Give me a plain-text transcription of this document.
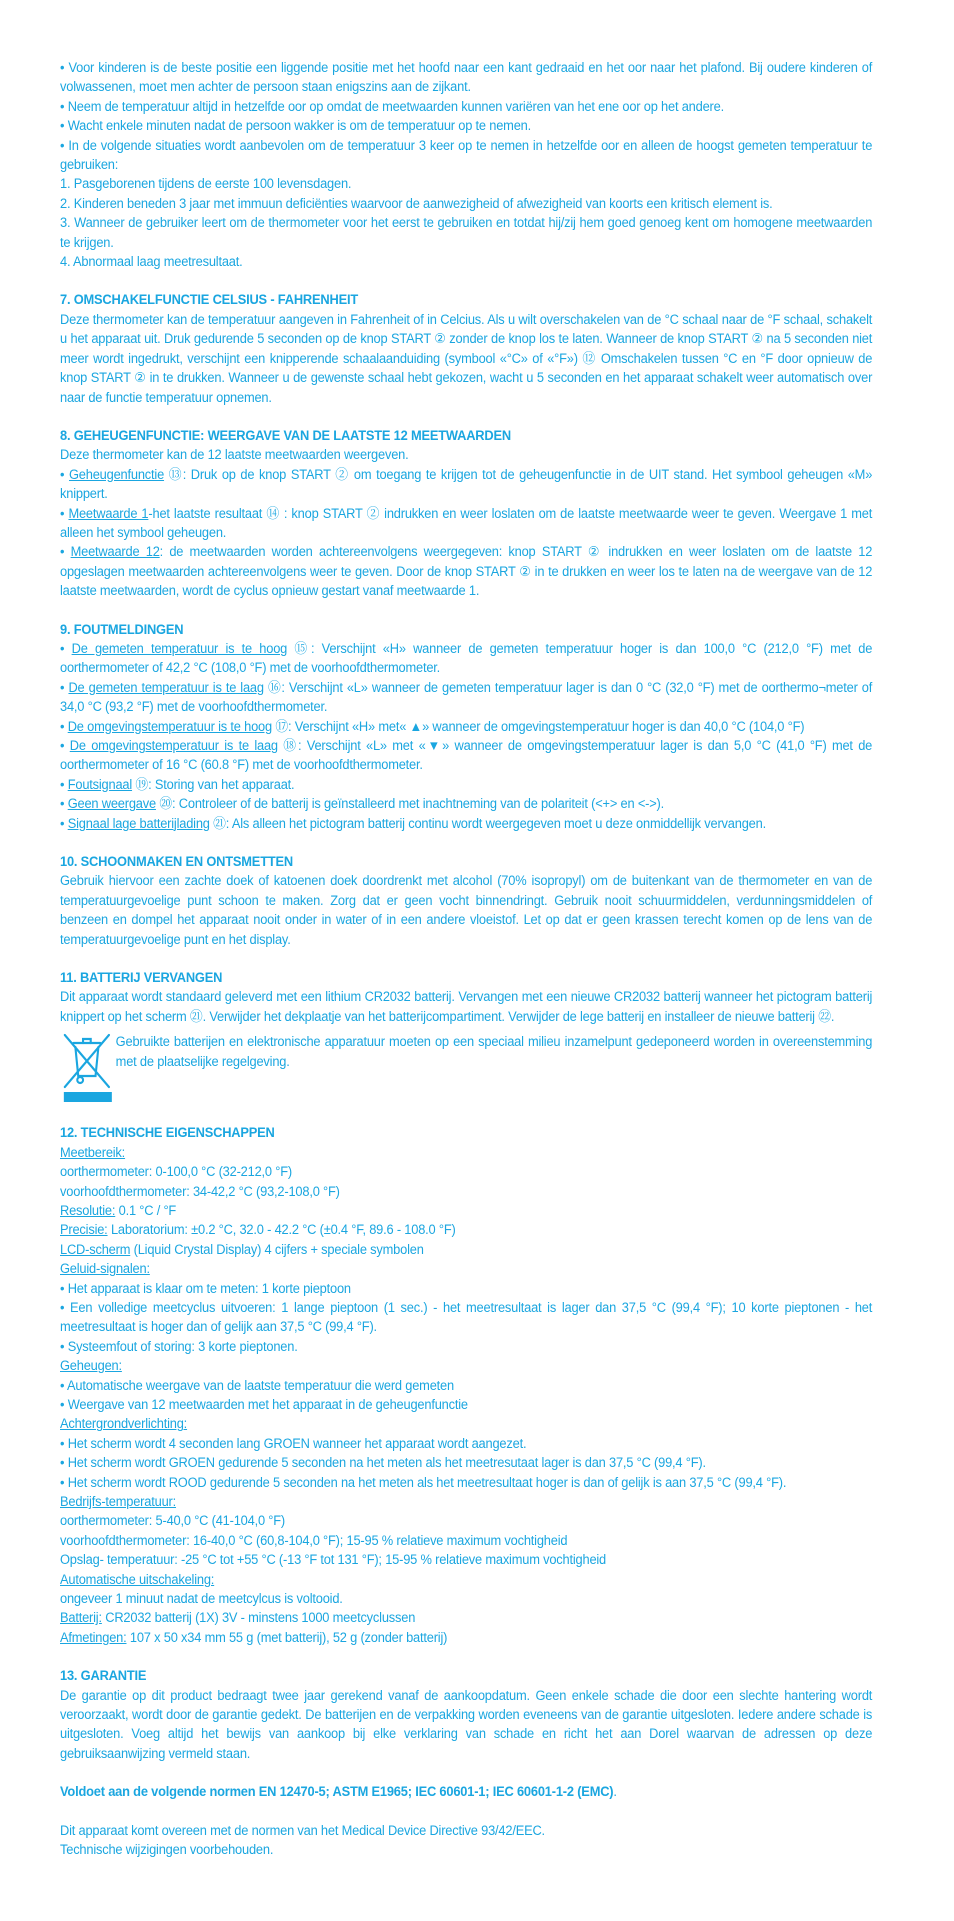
• Voor kinderen is de beste positie een liggende positie met het hoofd naar een kant gedraaid en het oor naar het plafond. Bij oudere kinderen of volwassenen, moet men achter de persoon staan enigszins aan de zijkant.

• Neem de temperatuur altijd in hetzelfde oor op omdat de meetwaarden kunnen variëren van het ene oor op het andere.

• Wacht enkele minuten nadat de persoon wakker is om de temperatuur op te nemen.

• In de volgende situaties wordt aanbevolen om de temperatuur 3 keer op te nemen in hetzelfde oor en alleen de hoogst gemeten temperatuur te gebruiken:

1. Pasgeborenen tijdens de eerste 100 levensdagen.

2. Kinderen beneden 3 jaar met immuun deficiënties waarvoor de aanwezigheid of afwezigheid van koorts een kritisch element is.

3. Wanneer de gebruiker leert om de thermometer voor het eerst te gebruiken en totdat hij/zij hem goed genoeg kent om homogene meetwaarden te krijgen.

4. Abnormaal laag meetresultaat.

7. OMSCHAKELFUNCTIE CELSIUS - FAHRENHEIT

Deze thermometer kan de temperatuur aangeven in Fahrenheit of in Celcius. Als u wilt overschakelen van de °C schaal naar de °F schaal, schakelt u het apparaat uit. Druk gedurende 5 seconden op de knop START ② zonder de knop los te laten. Wanneer de knop START ② na 5 seconden niet meer wordt ingedrukt, verschijnt een knipperende schaalaanduiding (symbool «°C» of «°F») ⑫ Omschakelen tussen °C en °F door opnieuw de knop START ② in te drukken. Wanneer u de gewenste schaal hebt gekozen, wacht u 5 seconden en het apparaat schakelt weer automatisch over naar de functie temperatuur opnemen.

8. GEHEUGENFUNCTIE: WEERGAVE VAN DE LAATSTE 12 MEETWAARDEN

Deze thermometer kan de 12 laatste meetwaarden weergeven.

• Geheugenfunctie ⑬: Druk op de knop START ② om toegang te krijgen tot de geheugenfunctie in de UIT stand. Het symbool geheugen «M» knippert.

• Meetwaarde 1-het laatste resultaat ⑭ : knop START ② indrukken en weer loslaten om de laatste meetwaarde weer te geven. Weergave 1 met alleen het symbool geheugen.

• Meetwaarde 12: de meetwaarden worden achtereenvolgens weergegeven: knop START ② indrukken en weer loslaten om de laatste 12 opgeslagen meetwaarden achtereenvolgens weer te geven. Door de knop START ② in te drukken en weer los te laten na de weergave van de 12 laatste meetwaarden, wordt de cyclus opnieuw gestart vanaf meetwaarde 1.

9. FOUTMELDINGEN

• De gemeten temperatuur is te hoog ⑮: Verschijnt «H» wanneer de gemeten temperatuur hoger is dan 100,0 °C (212,0 °F) met de oorthermometer of 42,2 °C (108,0 °F) met de voorhoofdthermometer.

• De gemeten temperatuur is te laag ⑯: Verschijnt «L» wanneer de gemeten temperatuur lager is dan 0 °C (32,0 °F) met de oorthermo¬meter of 34,0 °C (93,2 °F) met de voorhoofdthermometer.

• De omgevingstemperatuur is te hoog ⑰: Verschijnt «H» met« ▲» wanneer de omgevingstemperatuur hoger is dan 40,0 °C (104,0 °F)

• De omgevingstemperatuur is te laag ⑱: Verschijnt «L» met «▼» wanneer de omgevingstemperatuur lager is dan 5,0 °C (41,0 °F) met de oorthermometer of 16 °C (60.8 °F) met de voorhoofdthermometer.

• Foutsignaal ⑲: Storing van het apparaat.

• Geen weergave ⑳: Controleer of de batterij is geïnstalleerd met inachtneming van de polariteit (<+> en <->).

• Signaal lage batterijlading ㉑: Als alleen het pictogram batterij continu wordt weergegeven moet u deze onmiddellijk vervangen.

10. SCHOONMAKEN EN ONTSMETTEN

Gebruik hiervoor een zachte doek of katoenen doek doordrenkt met alcohol (70% isopropyl) om de buitenkant van de thermometer en van de temperatuurgevoelige punt schoon te maken. Zorg dat er geen vocht binnendringt. Gebruik nooit schuurmiddelen, verdunningsmiddelen of benzeen en dompel het apparaat nooit onder in water of in een andere vloeistof. Let op dat er geen krassen terecht komen op de lens van de temperatuurgevoelige punt en het display.

11. BATTERIJ VERVANGEN

Dit apparaat wordt standaard geleverd met een lithium CR2032 batterij. Vervangen met een nieuwe CR2032 batterij wanneer het pictogram batterij knippert op het scherm ㉑. Verwijder het dekplaatje van het batterijcompartiment. Verwijder de lege batterij en installeer de nieuwe batterij ㉒.

Gebruikte batterijen en elektronische apparatuur moeten op een speciaal milieu inzamelpunt gedeponeerd worden in overeenstemming met de plaatselijke regelgeving.

12. TECHNISCHE EIGENSCHAPPEN

Meetbereik:

oorthermometer: 0-100,0 °C (32-212,0 °F)

voorhoofdthermometer: 34-42,2 °C (93,2-108,0 °F)

Resolutie: 0.1 °C / °F

Precisie: Laboratorium: ±0.2 °C, 32.0 - 42.2 °C (±0.4 °F, 89.6 - 108.0 °F)

LCD-scherm (Liquid Crystal Display) 4 cijfers + speciale symbolen

Geluid-signalen:

• Het apparaat is klaar om te meten: 1 korte pieptoon

• Een volledige meetcyclus uitvoeren: 1 lange pieptoon (1 sec.) - het meetresultaat is lager dan 37,5 °C (99,4 °F); 10 korte pieptonen - het meetresultaat is hoger dan of gelijk aan 37,5 °C (99,4 °F).

• Systeemfout of storing: 3 korte pieptonen.

Geheugen:

• Automatische weergave van de laatste temperatuur die werd gemeten

• Weergave van 12 meetwaarden met het apparaat in de geheugenfunctie

Achtergrondverlichting:

• Het scherm wordt 4 seconden lang GROEN wanneer het apparaat wordt aangezet.

• Het scherm wordt GROEN gedurende 5 seconden na het meten als het meetresutaat lager is dan 37,5 °C (99,4 °F).

• Het scherm wordt ROOD gedurende 5 seconden na het meten als het meetresultaat hoger is dan of gelijk is aan 37,5 °C (99,4 °F).

Bedrijfs-temperatuur:

oorthermometer: 5-40,0 °C (41-104,0 °F)

voorhoofdthermometer: 16-40,0 °C (60,8-104,0 °F); 15-95 % relatieve maximum vochtigheid

Opslag- temperatuur: -25 °C tot +55 °C (-13 °F tot 131 °F); 15-95 % relatieve maximum vochtigheid

Automatische uitschakeling:

ongeveer 1 minuut nadat de meetcylcus is voltooid.

Batterij: CR2032 batterij (1X) 3V - minstens 1000 meetcyclussen

Afmetingen: 107 x 50 x34 mm 55 g (met batterij), 52 g (zonder batterij)

13. GARANTIE

De garantie op dit product bedraagt twee jaar gerekend vanaf de aankoopdatum. Geen enkele schade die door een slechte hantering wordt veroorzaakt, wordt door de garantie gedekt. De batterijen en de verpakking worden eveneens van de garantie uitgesloten. Iedere andere schade is uitgesloten. Voeg altijd het bewijs van aankoop bij elke verklaring van schade en richt het aan Dorel waarvan de adressen op deze gebruiksaanwijzing vermeld staan.

Voldoet aan de volgende normen EN 12470-5; ASTM E1965; IEC 60601-1; IEC 60601-1-2 (EMC).

Dit apparaat komt overeen met de normen van het Medical Device Directive 93/42/EEC.

Technische wijzigingen voorbehouden.
